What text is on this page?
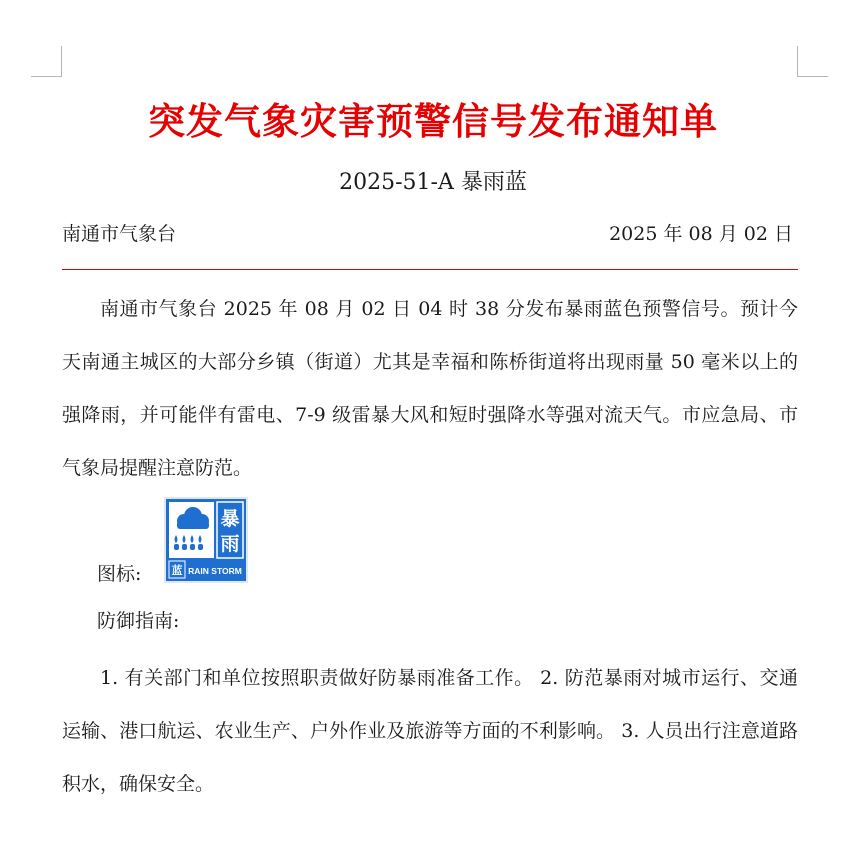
突发气象灾害预警信号发布通知单
2025-51-A 暴雨蓝
南通市气象台	2025 年 08 月 02 日
南通市气象台 2025 年 08 月 02 日 04 时 38 分发布暴雨蓝色预警信号。预计今天南通主城区的大部分乡镇（街道）尤其是幸福和陈桥街道将出现雨量 50 毫米以上的强降雨，并可能伴有雷电、7-9 级雷暴大风和短时强降水等强对流天气。市应急局、市气象局提醒注意防范。
图标:
暴
雨
蓝 RAIN STORM
防御指南:
1. 有关部门和单位按照职责做好防暴雨准备工作。 2. 防范暴雨对城市运行、交通运输、港口航运、农业生产、户外作业及旅游等方面的不利影响。 3. 人员出行注意道路积水，确保安全。
